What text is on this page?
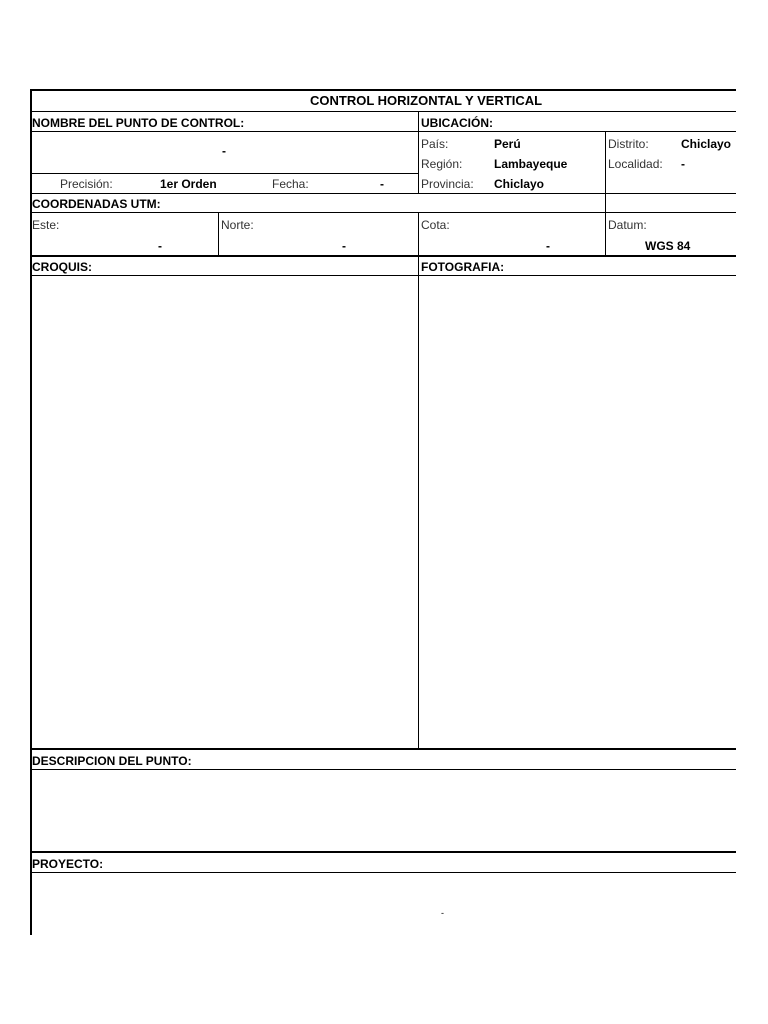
CONTROL HORIZONTAL Y VERTICAL
NOMBRE DEL PUNTO DE CONTROL:
-
Precisión:	1er Orden	Fecha:	-
UBICACIÓN:
País:	Perú
Región:	Lambayeque
Provincia: Chiclayo
Distrito:	Chiclayo
Localidad: -
COORDENADAS UTM:
Este:
-
Norte:
-
Cota:
-
Datum:
WGS 84
CROQUIS:	FOTOGRAFIA:
DESCRIPCION DEL PUNTO:
PROYECTO:
-
